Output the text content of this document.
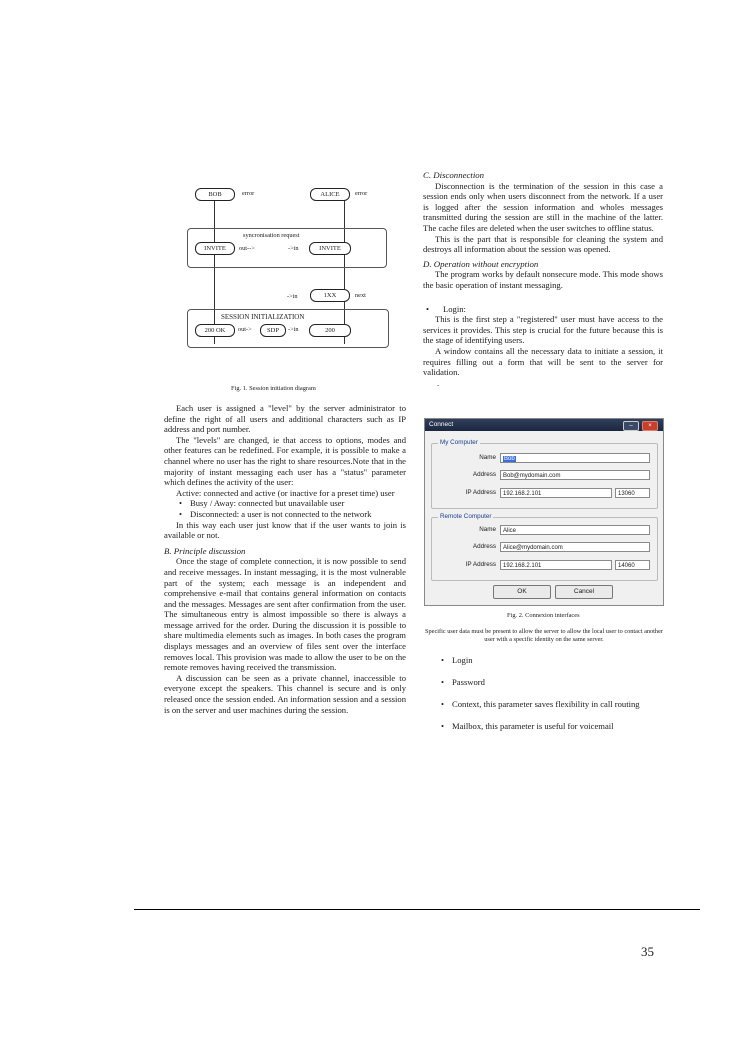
BOB	error	ALICE	error
syncronisation request
INVITE	out-->	->in	INVITE
->in	1XX	next
SESSION INITIALIZATION
200 OK	out->	SDP	->in	200
Fig. 1. Session initiation diagram

Each user is assigned a "level" by the server administrator to define the right of all users and additional characters such as IP address and port number.

The "levels" are changed, ie that access to options, modes and other features can be redefined. For example, it is possible to make a channel where no user has the right to share resources.Note that in the majority of instant messaging each user has a "status" parameter which defines the activity of the user:

Active: connected and active (or inactive for a preset time) user

• Busy / Away: connected but unavailable user
• Disconnected: a user is not connected to the network

In this way each user just know that if the user wants to join is available or not.

B. Principle discussion

Once the stage of complete connection, it is now possible to send and receive messages. In instant messaging, it is the most vulnerable part of the system; each message is an independent and comprehensive e-mail that contains general information on contacts and the messages. Messages are sent after confirmation from the user. The simultaneous entry is almost impossible so there is always a message arrived for the order. During the discussion it is possible to share multimedia elements such as images. In both cases the program displays messages and an overview of files sent over the interface removes local. This provision was made to allow the user to be on the remote removes having received the transmission.

A discussion can be seen as a private channel, inaccessible to everyone except the speakers. This channel is secure and is only released once the session ended. An information session and a session is on the server and user machines during the session.

C. Disconnection

Disconnection is the termination of the session in this case a session ends only when users disconnect from the network. If a user is logged after the session information and wholes messages transmitted during the session are still in the machine of the latter. The cache files are deleted when the user switches to offline status.

This is the part that is responsible for cleaning the system and destroys all information about the session was opened.

D. Operation without encryption

The program works by default nonsecure mode. This mode shows the basic operation of instant messaging.

•	Login:

This is the first step a "registered" user must have access to the services it provides. This step is crucial for the future because this is the stage of identifying users.

A window contains all the necessary data to initiate a session, it requires filling out a form that will be sent to the server for validation.

.

Connect	–	×
My Computer
Name	Bob
Address	Bob@mydomain.com
IP Address	192.168.2.101	13060
Remote Computer
Name	Alice
Address	Alice@mydomain.com
IP Address	192.168.2.101	14060
OK	Cancel
Fig. 2. Connexion interfaces
Specific user data must be present to allow the server to allow the local user to contact another user with a specific identity on the same server.
• Login
• Password
• Context, this parameter saves flexibility in call routing
• Mailbox, this parameter is useful for voicemail
35
